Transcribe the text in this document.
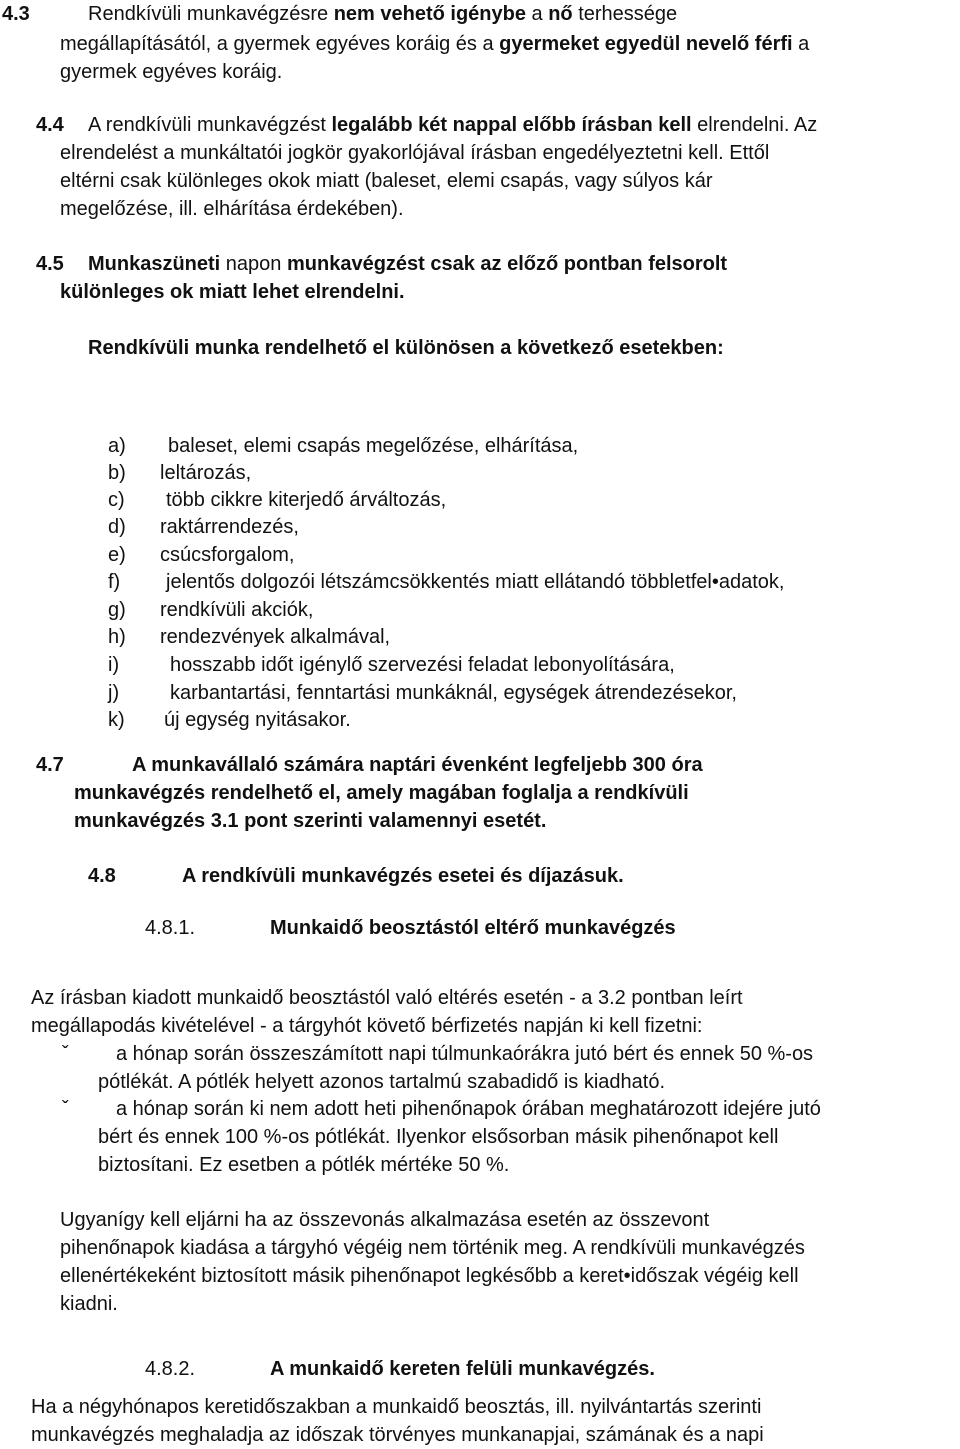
4.3	Rendkívüli munkavégzésre nem vehető igénybe a nő terhessége
megállapításától, a gyermek egyéves koráig és a gyermeket egyedül nevelő férfi a
gyermek egyéves koráig.
4.4 A rendkívüli munkavégzést legalább két nappal előbb írásban kell elrendelni. Az
elrendelést a munkáltatói jogkör gyakorlójával írásban engedélyeztetni kell. Ettől
eltérni csak különleges okok miatt (baleset, elemi csapás, vagy súlyos kár
megelőzése, ill. elhárítása érdekében).
4.5 Munkaszüneti napon munkavégzést csak az előző pontban felsorolt
különleges ok miatt lehet elrendelni.
Rendkívüli munka rendelhető el különösen a következő esetekben:
a) baleset, elemi csapás megelőzése, elhárítása,
b) leltározás,
c) több cikkre kiterjedő árváltozás,
d) raktárrendezés,
e) csúcsforgalom,
f) jelentős dolgozói létszámcsökkentés miatt ellátandó többletfel•adatok,
g) rendkívüli akciók,
h) rendezvények alkalmával,
i)	hosszabb időt igénylő szervezési feladat lebonyolítására,
j)	karbantartási, fenntartási munkáknál, egységek átrendezésekor,
k) új egység nyitásakor.
4.7	A munkavállaló számára naptári évenként legfeljebb 300 óra
munkavégzés rendelhető el, amely magában foglalja a rendkívüli
munkavégzés 3.1 pont szerinti valamennyi esetét.
4.8	A rendkívüli munkavégzés esetei és díjazásuk.
4.8.1.	Munkaidő beosztástól eltérő munkavégzés
Az írásban kiadott munkaidő beosztástól való eltérés esetén - a 3.2 pontban leírt
megállapodás kivételével - a tárgyhót követő bérfizetés napján ki kell fizetni:
ˇ a hónap során összeszámított napi túlmunkaórákra jutó bért és ennek 50 %-os
pótlékát. A pótlék helyett azonos tartalmú szabadidő is kiadható.
ˇ a hónap során ki nem adott heti pihenőnapok órában meghatározott idejére jutó
bért és ennek 100 %-os pótlékát. Ilyenkor elsősorban másik pihenőnapot kell
biztosítani. Ez esetben a pótlék mértéke 50 %.
Ugyanígy kell eljárni ha az összevonás alkalmazása esetén az összevont
pihenőnapok kiadása a tárgyhó végéig nem történik meg. A rendkívüli munkavégzés
ellenértékeként biztosított másik pihenőnapot legkésőbb a keret•időszak végéig kell
kiadni.
4.8.2.	A munkaidő kereten felüli munkavégzés.
Ha a négyhónapos keretidőszakban a munkaidő beosztás, ill. nyilvántartás szerinti
munkavégzés meghaladja az időszak törvényes munkanapjai, számának és a napi
